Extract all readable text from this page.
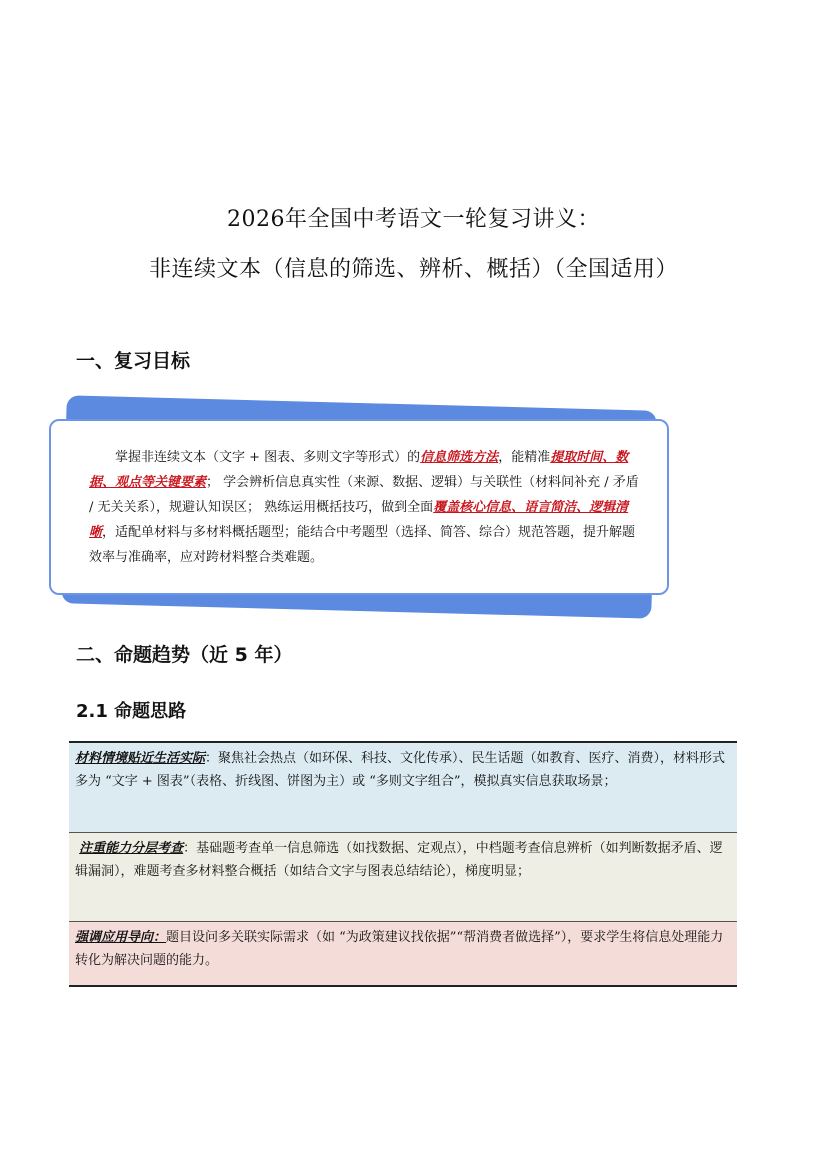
2026年全国中考语文一轮复习讲义：
非连续文本（信息的筛选、辨析、概括）（全国适用）
一、复习目标
掌握非连续文本（文字 + 图表、多则文字等形式）的信息筛选方法，能精准提取时间、数据、观点等关键要素； 学会辨析信息真实性（来源、数据、逻辑）与关联性（材料间补充 / 矛盾 / 无关关系），规避认知误区； 熟练运用概括技巧，做到全面覆盖核心信息、语言简洁、逻辑清晰，适配单材料与多材料概括题型；能结合中考题型（选择、简答、综合）规范答题，提升解题效率与准确率，应对跨材料整合类难题。
二、命题趋势（近 5 年）
2.1 命题思路
材料情境贴近生活实际：聚焦社会热点（如环保、科技、文化传承）、民生话题（如教育、医疗、消费），材料形式多为 “文字 + 图表”（表格、折线图、饼图为主）或 “多则文字组合”，模拟真实信息获取场景；
注重能力分层考查：基础题考查单一信息筛选（如找数据、定观点），中档题考查信息辨析（如判断数据矛盾、逻辑漏洞），难题考查多材料整合概括（如结合文字与图表总结结论），梯度明显；
强调应用导向：题目设问多关联实际需求（如 “为政策建议找依据”“帮消费者做选择”），要求学生将信息处理能力转化为解决问题的能力。
